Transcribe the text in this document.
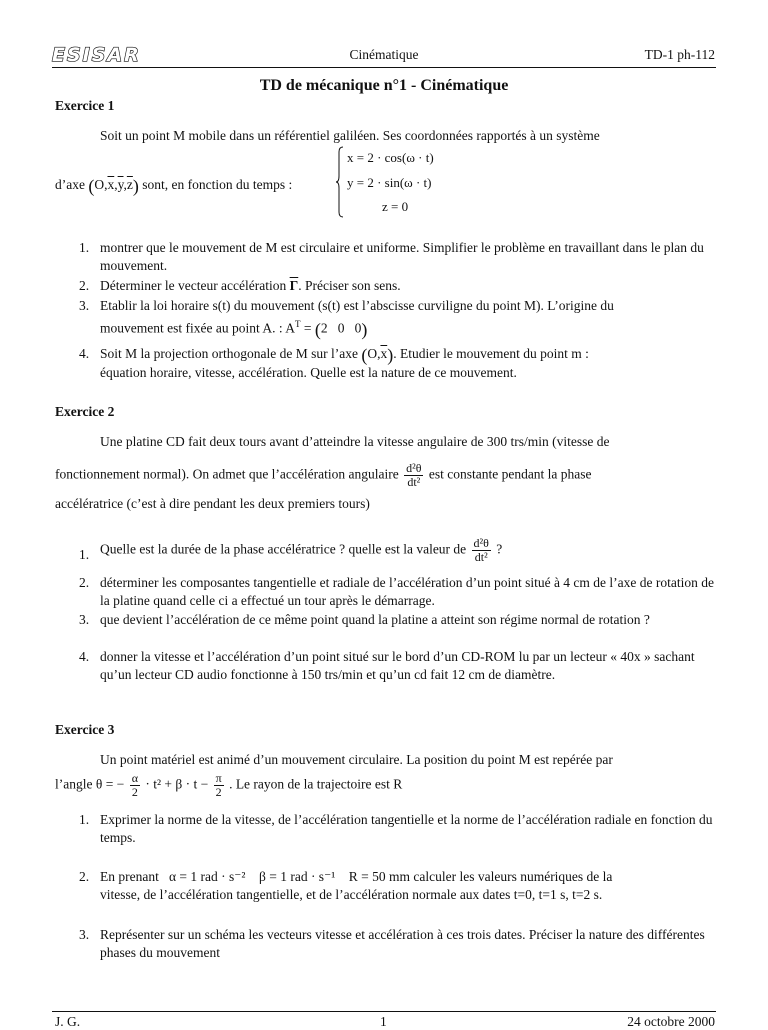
ESISAR	Cinématique	TD-1 ph-112
TD de mécanique n°1 - Cinématique
Exercice 1
Soit un point M mobile dans un référentiel galiléen. Ses coordonnées rapportés à un système
d’axe $(O,\overline{x},\overline{y},\overline{z})$ sont, en fonction du temps :
x = 2 · cos(ω · t)
y = 2 · sin(ω · t)
z = 0
1. montrer que le mouvement de M est circulaire et uniforme. Simplifier le problème en travaillant dans le plan du mouvement.
2. Déterminer le vecteur accélération $\overline{\Gamma}$. Préciser son sens.
3. Etablir la loi horaire s(t) du mouvement (s(t) est l’abscisse curviligne du point M). L’origine du
mouvement est fixée au point A. : $A^T = (2$   0   0)
4. Soit M la projection orthogonale de M sur l’axe $(O,\overline{x})$. Etudier le mouvement du point m :
équation horaire, vitesse, accélération. Quelle est la nature de ce mouvement.
Exercice 2
Une platine CD fait deux tours avant d’atteindre la vitesse angulaire de 300 trs/min (vitesse de
fonctionnement normal). On admet que l’accélération angulaire $\frac{\text{d²θ}}{\text{dt²}}$ est constante pendant la phase
accélératrice (c’est à dire pendant les deux premiers tours)
1. Quelle est la durée de la phase accélératrice ? quelle est la valeur de $\frac{\text{d²θ}}{\text{dt²}}$ ?
2. déterminer les composantes tangentielle et radiale de l’accélération d’un point situé à 4 cm de l’axe de rotation de la platine quand celle ci a effectué un tour après le démarrage.
3. que devient l’accélération de ce même point quand la platine a atteint son régime normal de rotation ?
4. donner la vitesse et l’accélération d’un point situé sur le bord d’un CD-ROM lu par un lecteur « 40x » sachant qu’un lecteur CD audio fonctionne à 150 trs/min et qu’un cd fait 12 cm de diamètre.
Exercice 3
Un point matériel est animé d’un mouvement circulaire. La position du point M est repérée par
l’angle θ = − $\frac{\alpha}{2} \cdot t^2 + \beta \cdot t - \frac{\pi}{2}$ . Le rayon de la trajectoire est R
1. Exprimer la norme de la vitesse, de l’accélération tangentielle et la norme de l’accélération radiale en fonction du temps.
2. En prenant α = 1 rad · s⁻² β = 1 rad · s⁻¹ R = 50 mm calculer les valeurs numériques de la
vitesse, de l’accélération tangentielle, et de l’accélération normale aux dates t=0, t=1 s, t=2 s.
3. Représenter sur un schéma les vecteurs vitesse et accélération à ces trois dates. Préciser la nature des différentes phases du mouvement
J. G.	1	24 octobre 2000
